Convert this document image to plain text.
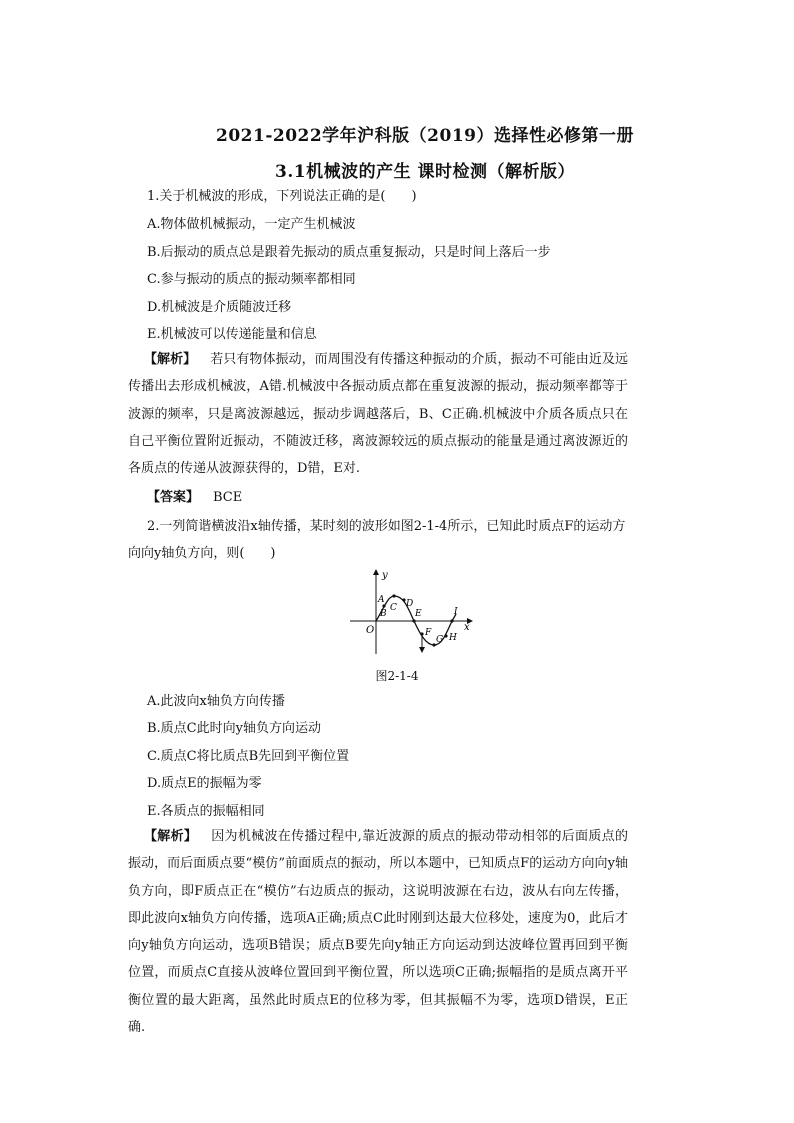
2021-2022学年沪科版（2019）选择性必修第一册
3.1机械波的产生 课时检测（解析版）
1.关于机械波的形成，下列说法正确的是(　　)
A.物体做机械振动，一定产生机械波
B.后振动的质点总是跟着先振动的质点重复振动，只是时间上落后一步
C.参与振动的质点的振动频率都相同
D.机械波是介质随波迁移
E.机械波可以传递能量和信息
【解析】 若只有物体振动，而周围没有传播这种振动的介质，振动不可能由近及远传播出去形成机械波，A错.机械波中各振动质点都在重复波源的振动，振动频率都等于波源的频率，只是离波源越远，振动步调越落后，B、C正确.机械波中介质各质点只在自己平衡位置附近振动，不随波迁移，离波源较远的质点振动的能量是通过离波源近的各质点的传递从波源获得的，D错，E对.
【答案】 BCE
2.一列简谐横波沿x轴传播，某时刻的波形如图2-1-4所示，已知此时质点F的运动方
向向y轴负方向，则(　　)
y
x
O
A
B
C D
E
F
G H
I
图2-1-4
A.此波向x轴负方向传播
B.质点C此时向y轴负方向运动
C.质点C将比质点B先回到平衡位置
D.质点E的振幅为零
E.各质点的振幅相同
【解析】 因为机械波在传播过程中,靠近波源的质点的振动带动相邻的后面质点的振动，而后面质点要“模仿”前面质点的振动，所以本题中，已知质点F的运动方向向y轴负方向，即F质点正在“模仿”右边质点的振动，这说明波源在右边，波从右向左传播，即此波向x轴负方向传播，选项A正确;质点C此时刚到达最大位移处，速度为0，此后才向y轴负方向运动，选项B错误；质点B要先向y轴正方向运动到达波峰位置再回到平衡位置，而质点C直接从波峰位置回到平衡位置，所以选项C正确;振幅指的是质点离开平衡位置的最大距离，虽然此时质点E的位移为零，但其振幅不为零，选项D错误，E正确.
